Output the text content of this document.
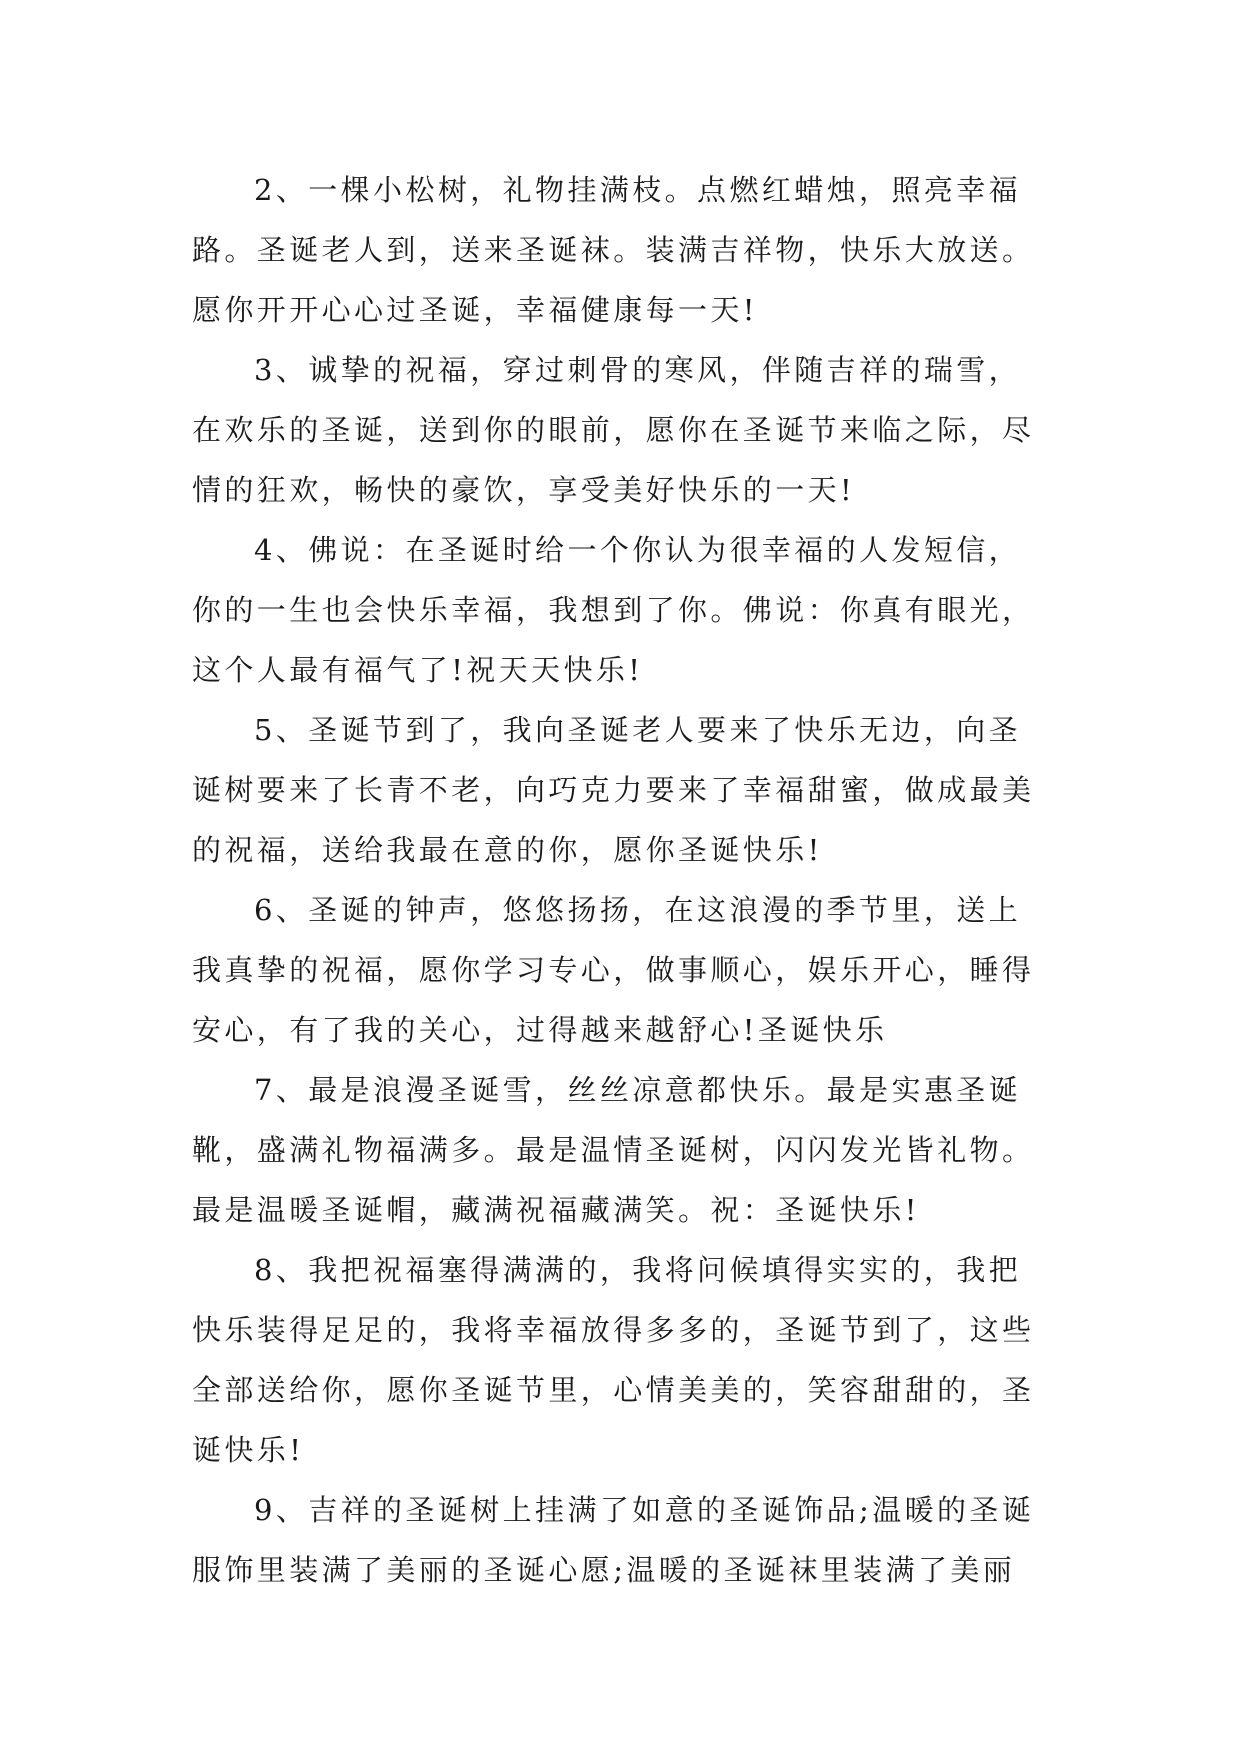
2、一棵小松树，礼物挂满枝。点燃红蜡烛，照亮幸福
路。圣诞老人到，送来圣诞袜。装满吉祥物，快乐大放送。
愿你开开心心过圣诞，幸福健康每一天!
3、诚挚的祝福，穿过刺骨的寒风，伴随吉祥的瑞雪，
在欢乐的圣诞，送到你的眼前，愿你在圣诞节来临之际，尽
情的狂欢，畅快的豪饮，享受美好快乐的一天!
4、佛说：在圣诞时给一个你认为很幸福的人发短信，
你的一生也会快乐幸福，我想到了你。佛说：你真有眼光，
这个人最有福气了!祝天天快乐!
5、圣诞节到了，我向圣诞老人要来了快乐无边，向圣
诞树要来了长青不老，向巧克力要来了幸福甜蜜，做成最美
的祝福，送给我最在意的你，愿你圣诞快乐!
6、圣诞的钟声，悠悠扬扬，在这浪漫的季节里，送上
我真挚的祝福，愿你学习专心，做事顺心，娱乐开心，睡得
安心，有了我的关心，过得越来越舒心!圣诞快乐
7、最是浪漫圣诞雪，丝丝凉意都快乐。最是实惠圣诞
靴，盛满礼物福满多。最是温情圣诞树，闪闪发光皆礼物。
最是温暖圣诞帽，藏满祝福藏满笑。祝：圣诞快乐!
8、我把祝福塞得满满的，我将问候填得实实的，我把
快乐装得足足的，我将幸福放得多多的，圣诞节到了，这些
全部送给你，愿你圣诞节里，心情美美的，笑容甜甜的，圣
诞快乐!
9、吉祥的圣诞树上挂满了如意的圣诞饰品;温暖的圣诞
服饰里装满了美丽的圣诞心愿;温暖的圣诞袜里装满了美丽
